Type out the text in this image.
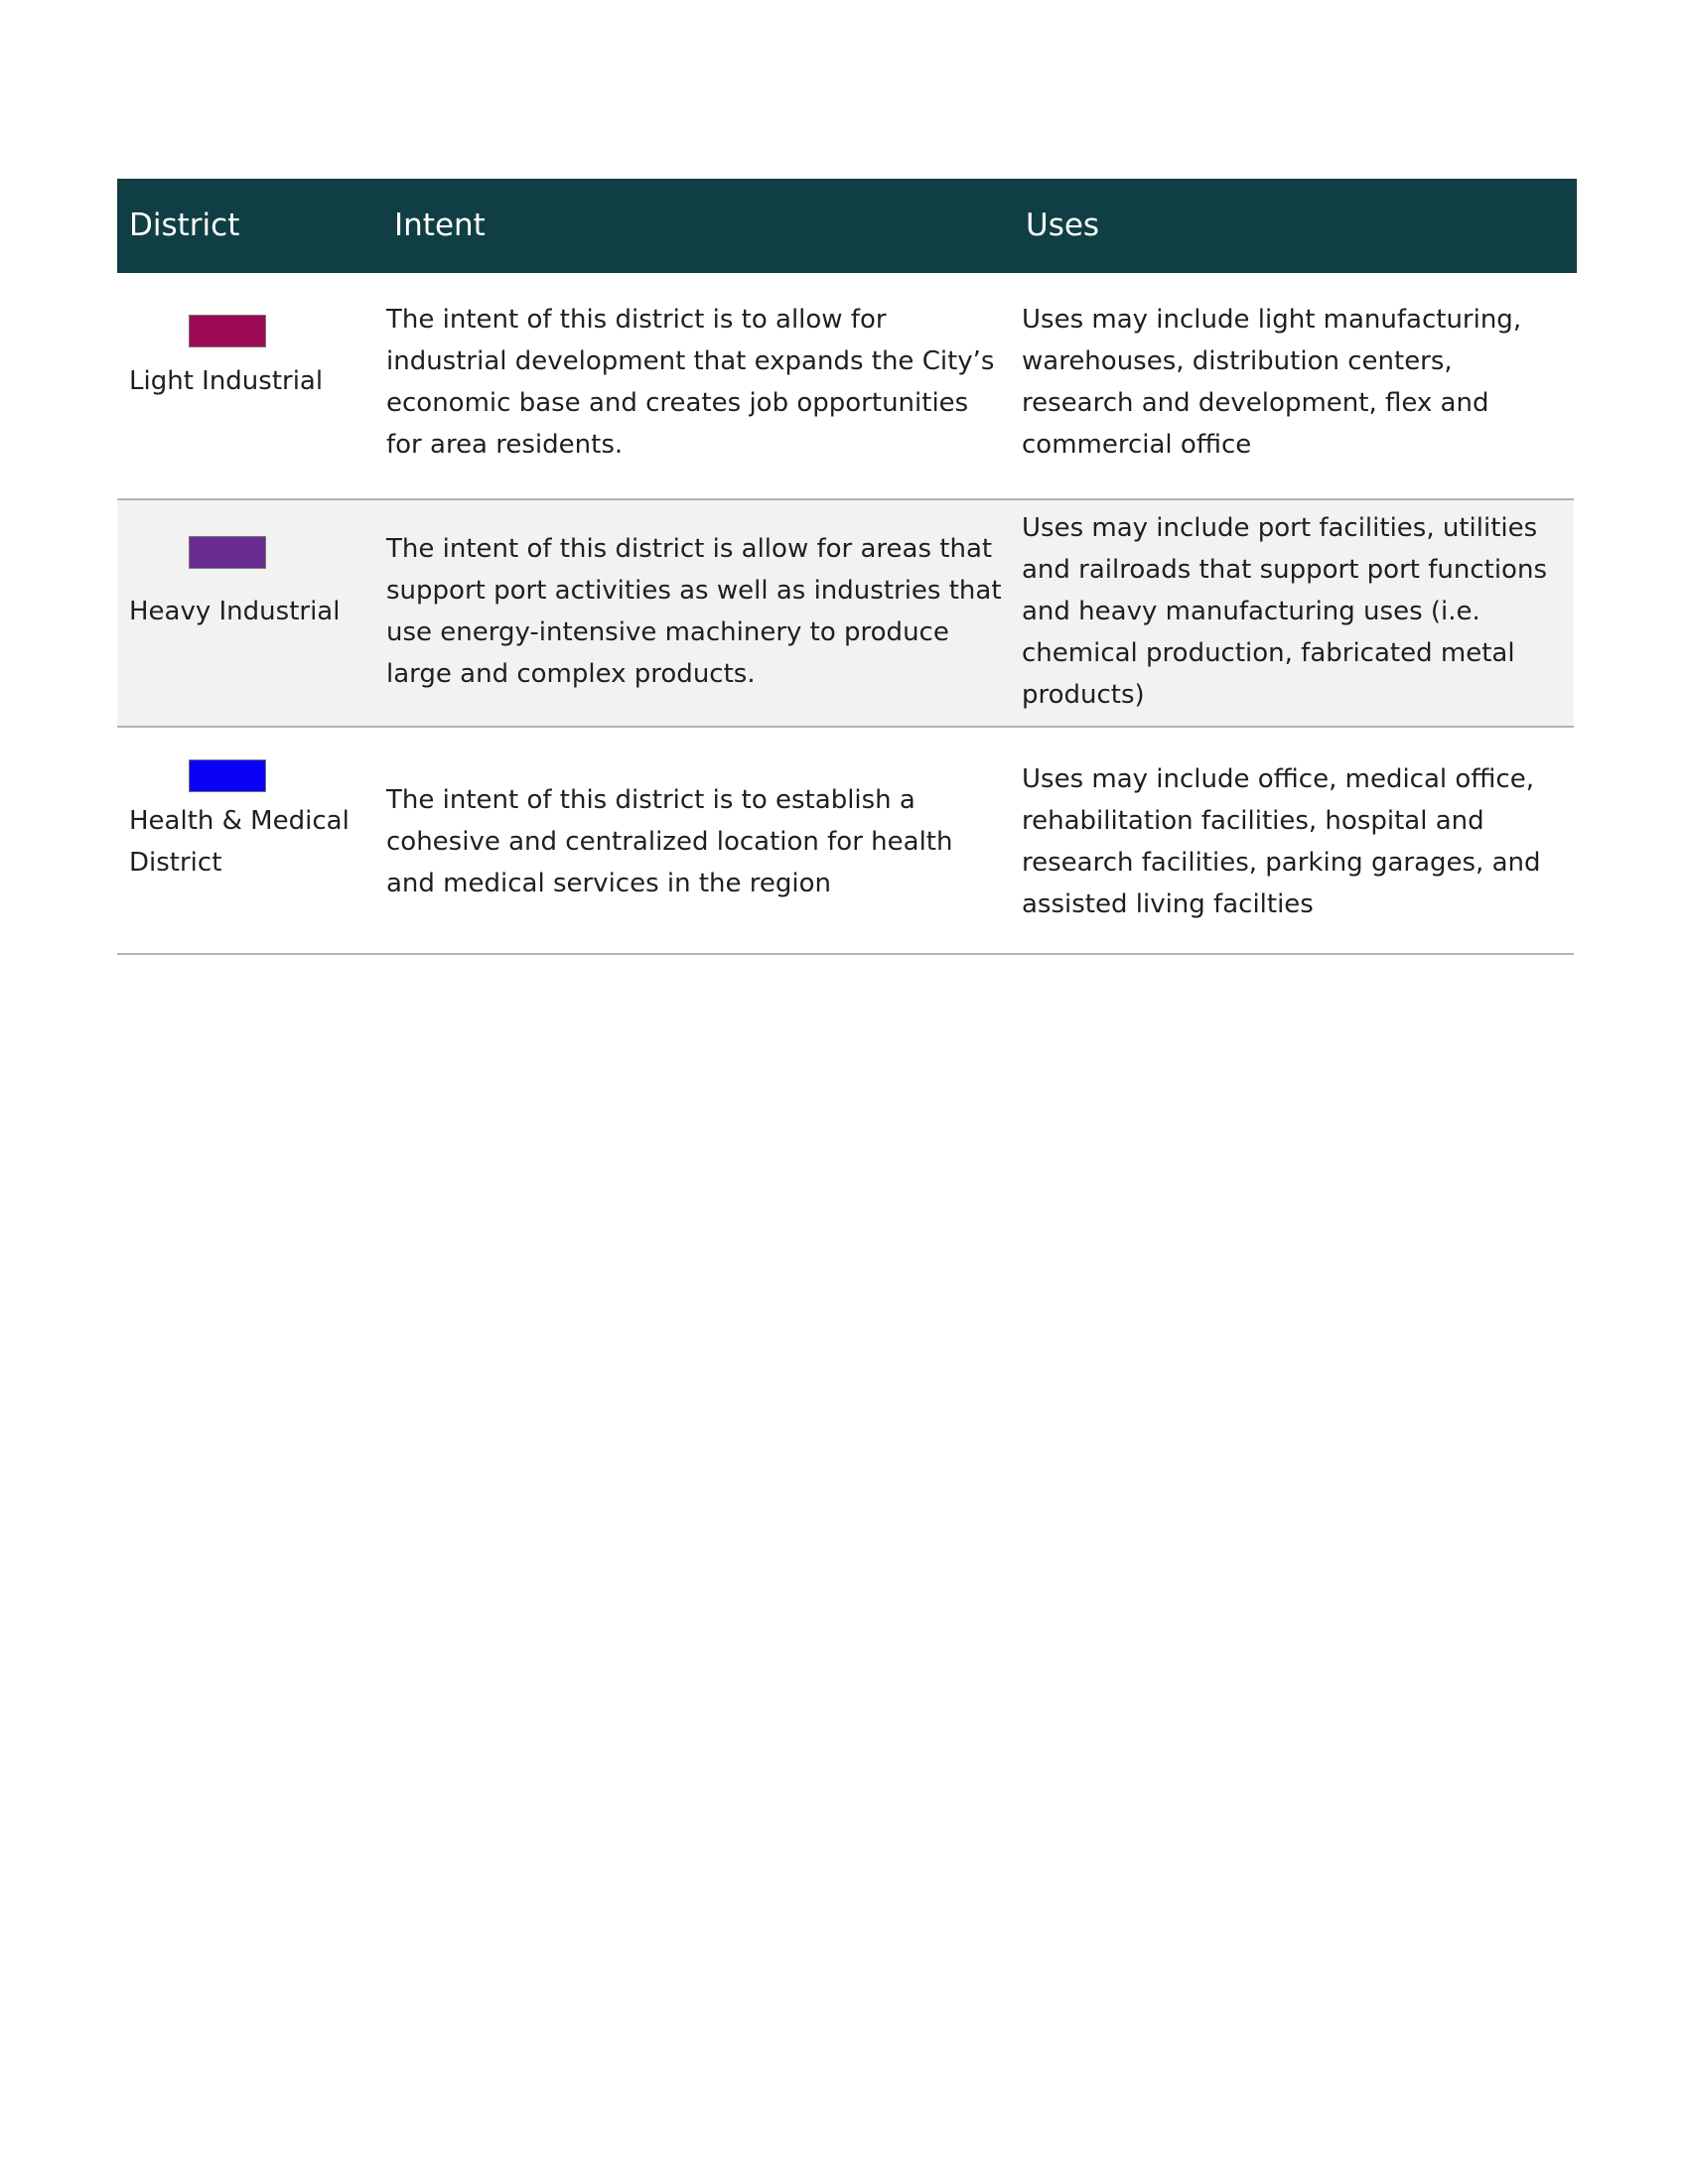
District	Intent	Uses
Light Industrial
The intent of this district is to allow for industrial development that expands the City’s economic base and creates job opportunities for area residents.
Uses may include light manufacturing, warehouses, distribution centers, research and development, flex and commercial office
Heavy Industrial
The intent of this district is allow for areas that support port activities as well as industries that use energy-intensive machinery to produce large and complex products.
Uses may include port facilities, utilities and railroads that support port functions and heavy manufacturing uses (i.e. chemical production, fabricated metal products)
Health & Medical District
The intent of this district is to establish a cohesive and centralized location for health and medical services in the region
Uses may include office, medical office, rehabilitation facilities, hospital and research facilities, parking garages, and assisted living facilties
